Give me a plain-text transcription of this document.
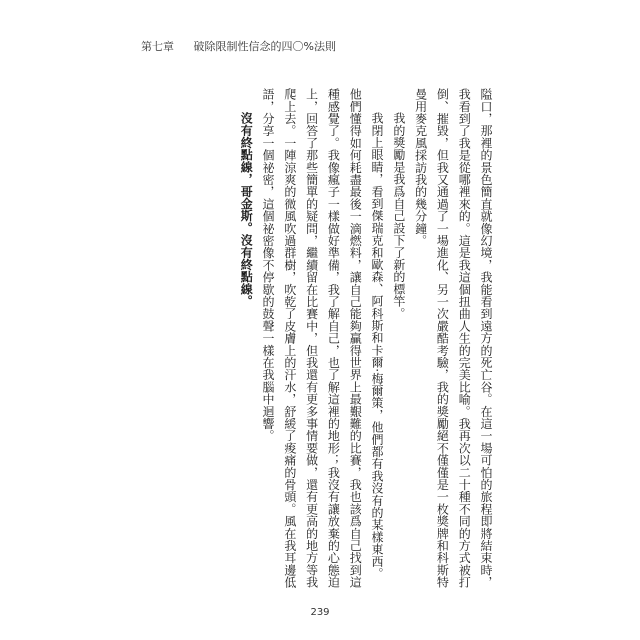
第七章 破除限制性信念的四〇%法則
隘口，那裡的景色簡直就像幻境，我能看到遠方的死亡谷。在這一場可怕的旅程即將結束時，
我看到了我是從哪裡來的。這是我這個扭曲人生的完美比喻。我再次以二十種不同的方式被打
倒、摧毀，但我又通過了一場進化、另一次嚴酷考驗，我的獎勵絕不僅僅是一枚獎牌和科斯特
曼用麥克風採訪我的幾分鐘。
我的獎勵是我爲自己設下了新的標竿。
我閉上眼睛，看到傑瑞克和歐森、阿科斯和卡爾·梅爾策，他們都有我沒有的某樣東西。
他們懂得如何耗盡最後一滴燃料，讓自己能夠贏得世界上最艱難的比賽，我也該爲自己找到這
種感覺了。我像瘋子一樣做好準備，我了解自己，也了解這裡的地形；我沒有讓放棄的心態迫
上，回答了那些簡單的疑問，繼續留在比賽中，但我還有更多事情要做，還有更高的地方等我
爬上去。一陣涼爽的微風吹過群樹，吹乾了皮膚上的汗水，舒緩了痠痛的骨頭。風在我耳邊低
語，分享一個祕密，這個祕密像不停歇的鼓聲一樣在我腦中迴響。
沒有終點線，哥金斯。沒有終點線。
239
